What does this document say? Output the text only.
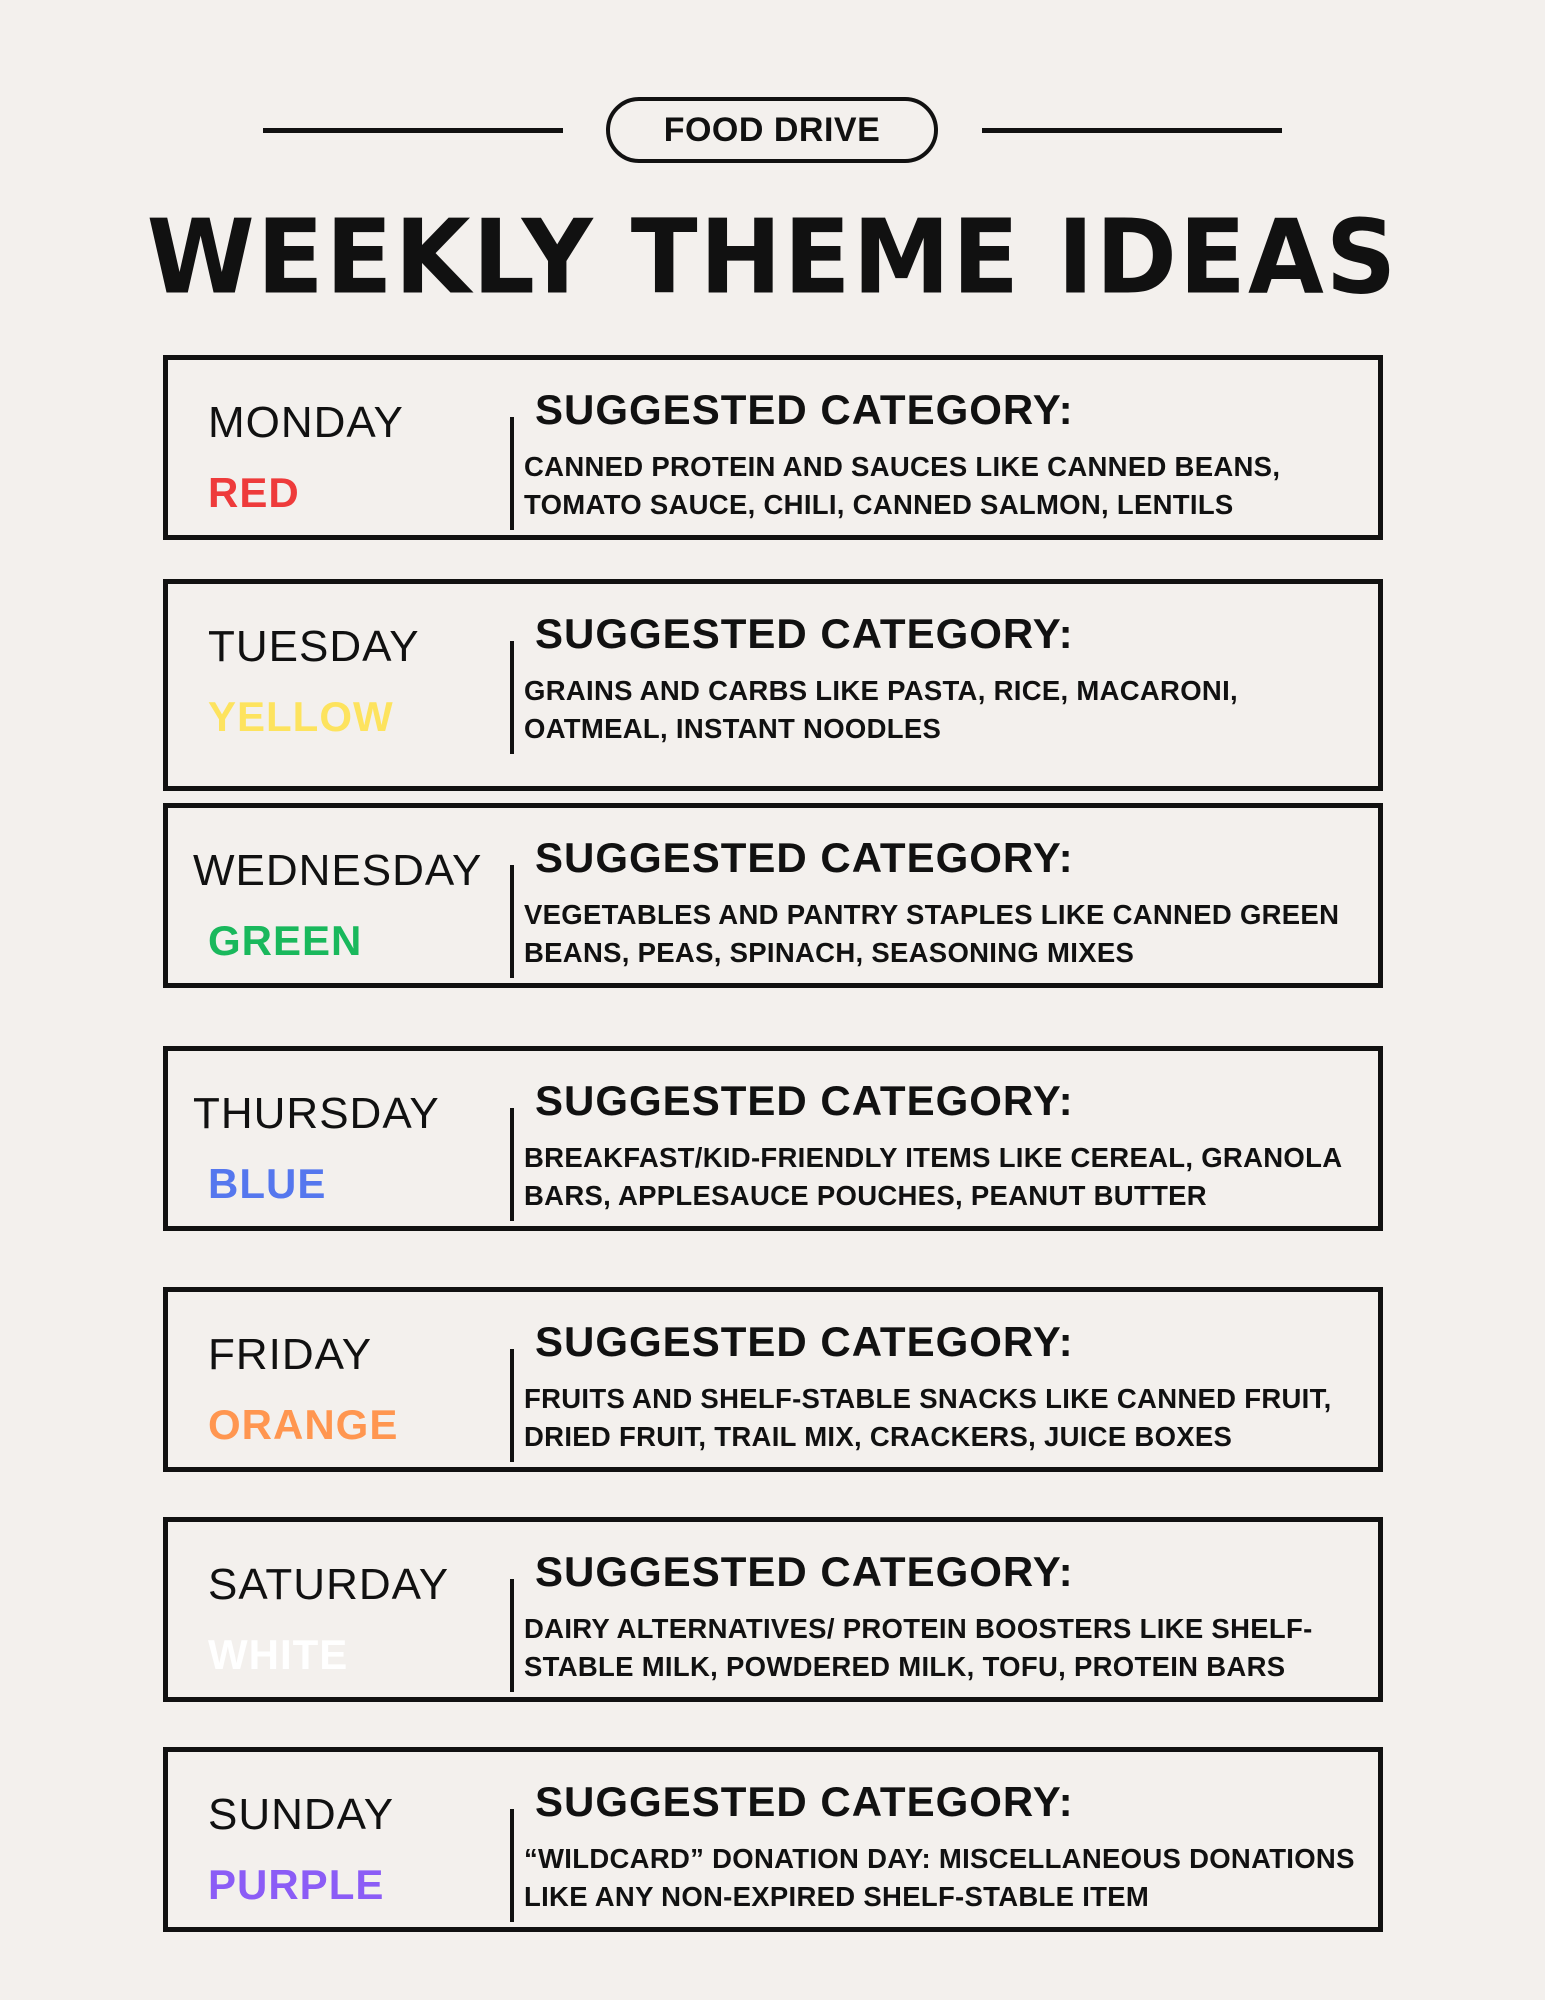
FOOD DRIVE
WEEKLY THEME IDEAS
MONDAY
RED
SUGGESTED CATEGORY:
CANNED PROTEIN AND SAUCES LIKE CANNED BEANS, TOMATO SAUCE, CHILI, CANNED SALMON, LENTILS
TUESDAY
YELLOW
SUGGESTED CATEGORY:
GRAINS AND CARBS LIKE PASTA, RICE, MACARONI, OATMEAL, INSTANT NOODLES
WEDNESDAY
GREEN
SUGGESTED CATEGORY:
VEGETABLES AND PANTRY STAPLES LIKE CANNED GREEN BEANS, PEAS, SPINACH, SEASONING MIXES
THURSDAY
BLUE
SUGGESTED CATEGORY:
BREAKFAST/KID-FRIENDLY ITEMS LIKE CEREAL, GRANOLA BARS, APPLESAUCE POUCHES, PEANUT BUTTER
FRIDAY
ORANGE
SUGGESTED CATEGORY:
FRUITS AND SHELF-STABLE SNACKS LIKE CANNED FRUIT, DRIED FRUIT, TRAIL MIX, CRACKERS, JUICE BOXES
SATURDAY
WHITE
SUGGESTED CATEGORY:
DAIRY ALTERNATIVES/ PROTEIN BOOSTERS LIKE SHELF-STABLE MILK, POWDERED MILK, TOFU, PROTEIN BARS
SUNDAY
PURPLE
SUGGESTED CATEGORY:
“WILDCARD” DONATION DAY: MISCELLANEOUS DONATIONS LIKE ANY NON-EXPIRED SHELF-STABLE ITEM
